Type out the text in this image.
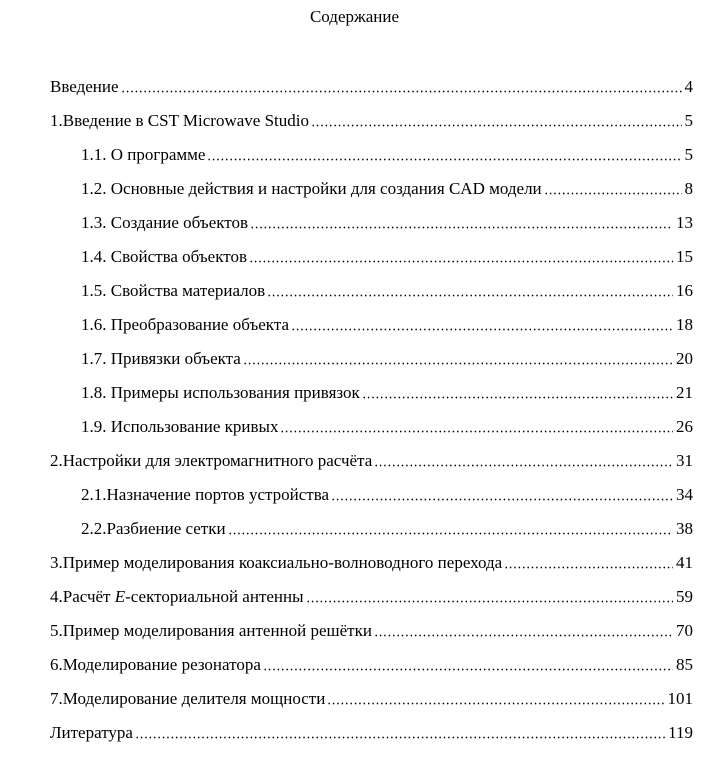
Содержание
Введение	4
1.Введение в CST Microwave Studio	5
1.1. О программе	5
1.2. Основные действия и настройки для создания CAD модели	8
1.3. Создание объектов	13
1.4. Свойства объектов	15
1.5. Свойства материалов	16
1.6. Преобразование объекта	18
1.7. Привязки объекта	20
1.8. Примеры использования привязок	21
1.9. Использование кривых	26
2.Настройки для электромагнитного расчёта	31
2.1.Назначение портов устройства	34
2.2.Разбиение сетки	38
3.Пример моделирования коаксиально-волноводного перехода	41
4.Расчёт E-секториальной антенны	59
5.Пример моделирования антенной решётки	70
6.Моделирование резонатора	85
7.Моделирование делителя мощности	101
Литература	119
